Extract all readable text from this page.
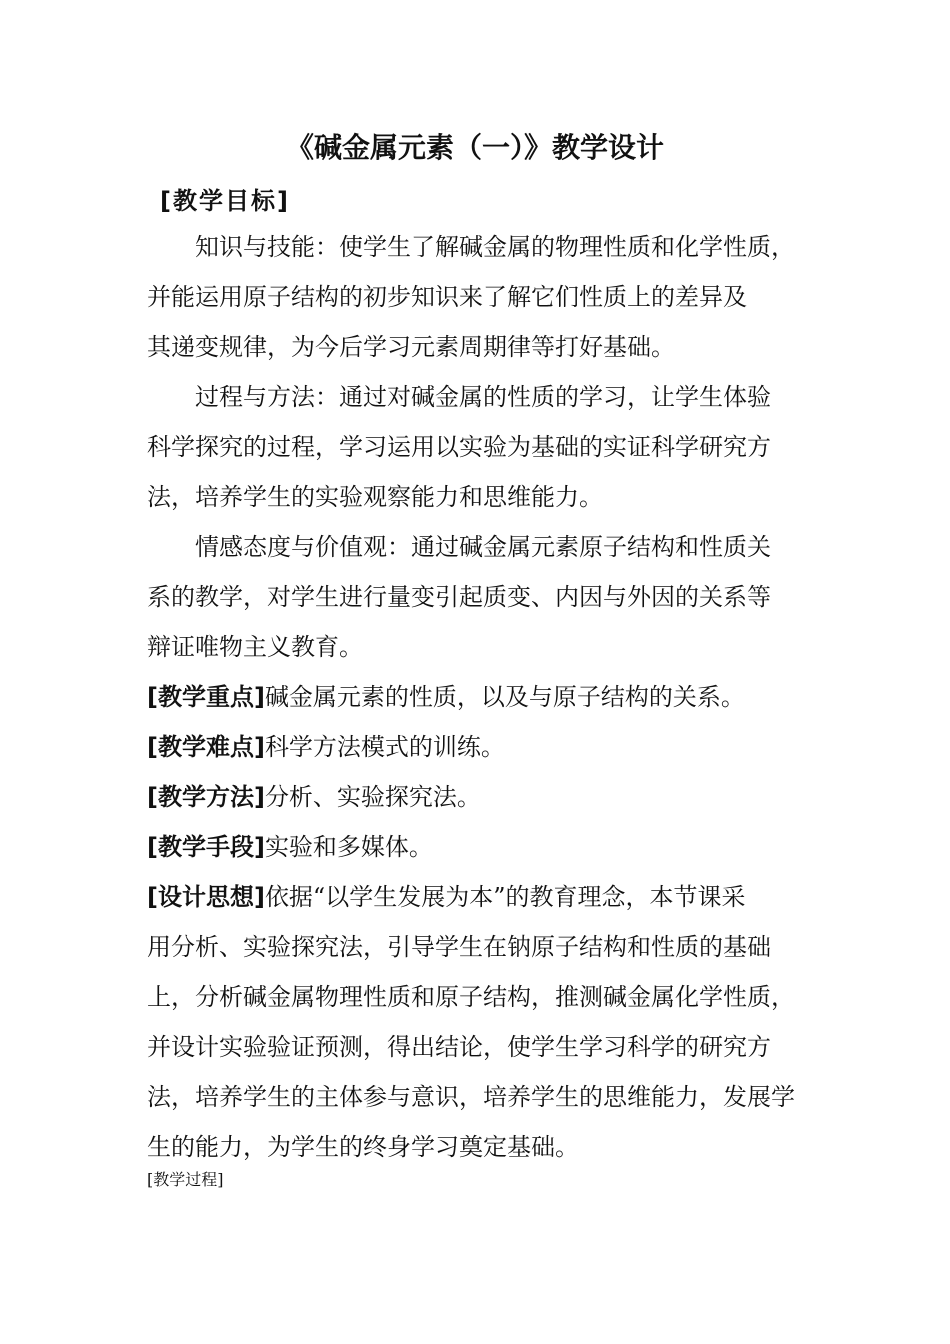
《碱金属元素（一）》教学设计
[教学目标]
知识与技能：使学生了解碱金属的物理性质和化学性质，
并能运用原子结构的初步知识来了解它们性质上的差异及
其递变规律，为今后学习元素周期律等打好基础。
过程与方法：通过对碱金属的性质的学习，让学生体验
科学探究的过程，学习运用以实验为基础的实证科学研究方
法，培养学生的实验观察能力和思维能力。
情感态度与价值观：通过碱金属元素原子结构和性质关
系的教学，对学生进行量变引起质变、内因与外因的关系等
辩证唯物主义教育。
[教学重点]碱金属元素的性质，以及与原子结构的关系。
[教学难点]科学方法模式的训练。
[教学方法]分析、实验探究法。
[教学手段]实验和多媒体。
[设计思想]依据“以学生发展为本”的教育理念，本节课采
用分析、实验探究法，引导学生在钠原子结构和性质的基础
上，分析碱金属物理性质和原子结构，推测碱金属化学性质，
并设计实验验证预测，得出结论，使学生学习科学的研究方
法，培养学生的主体参与意识，培养学生的思维能力，发展学
生的能力，为学生的终身学习奠定基础。
[教学过程]
